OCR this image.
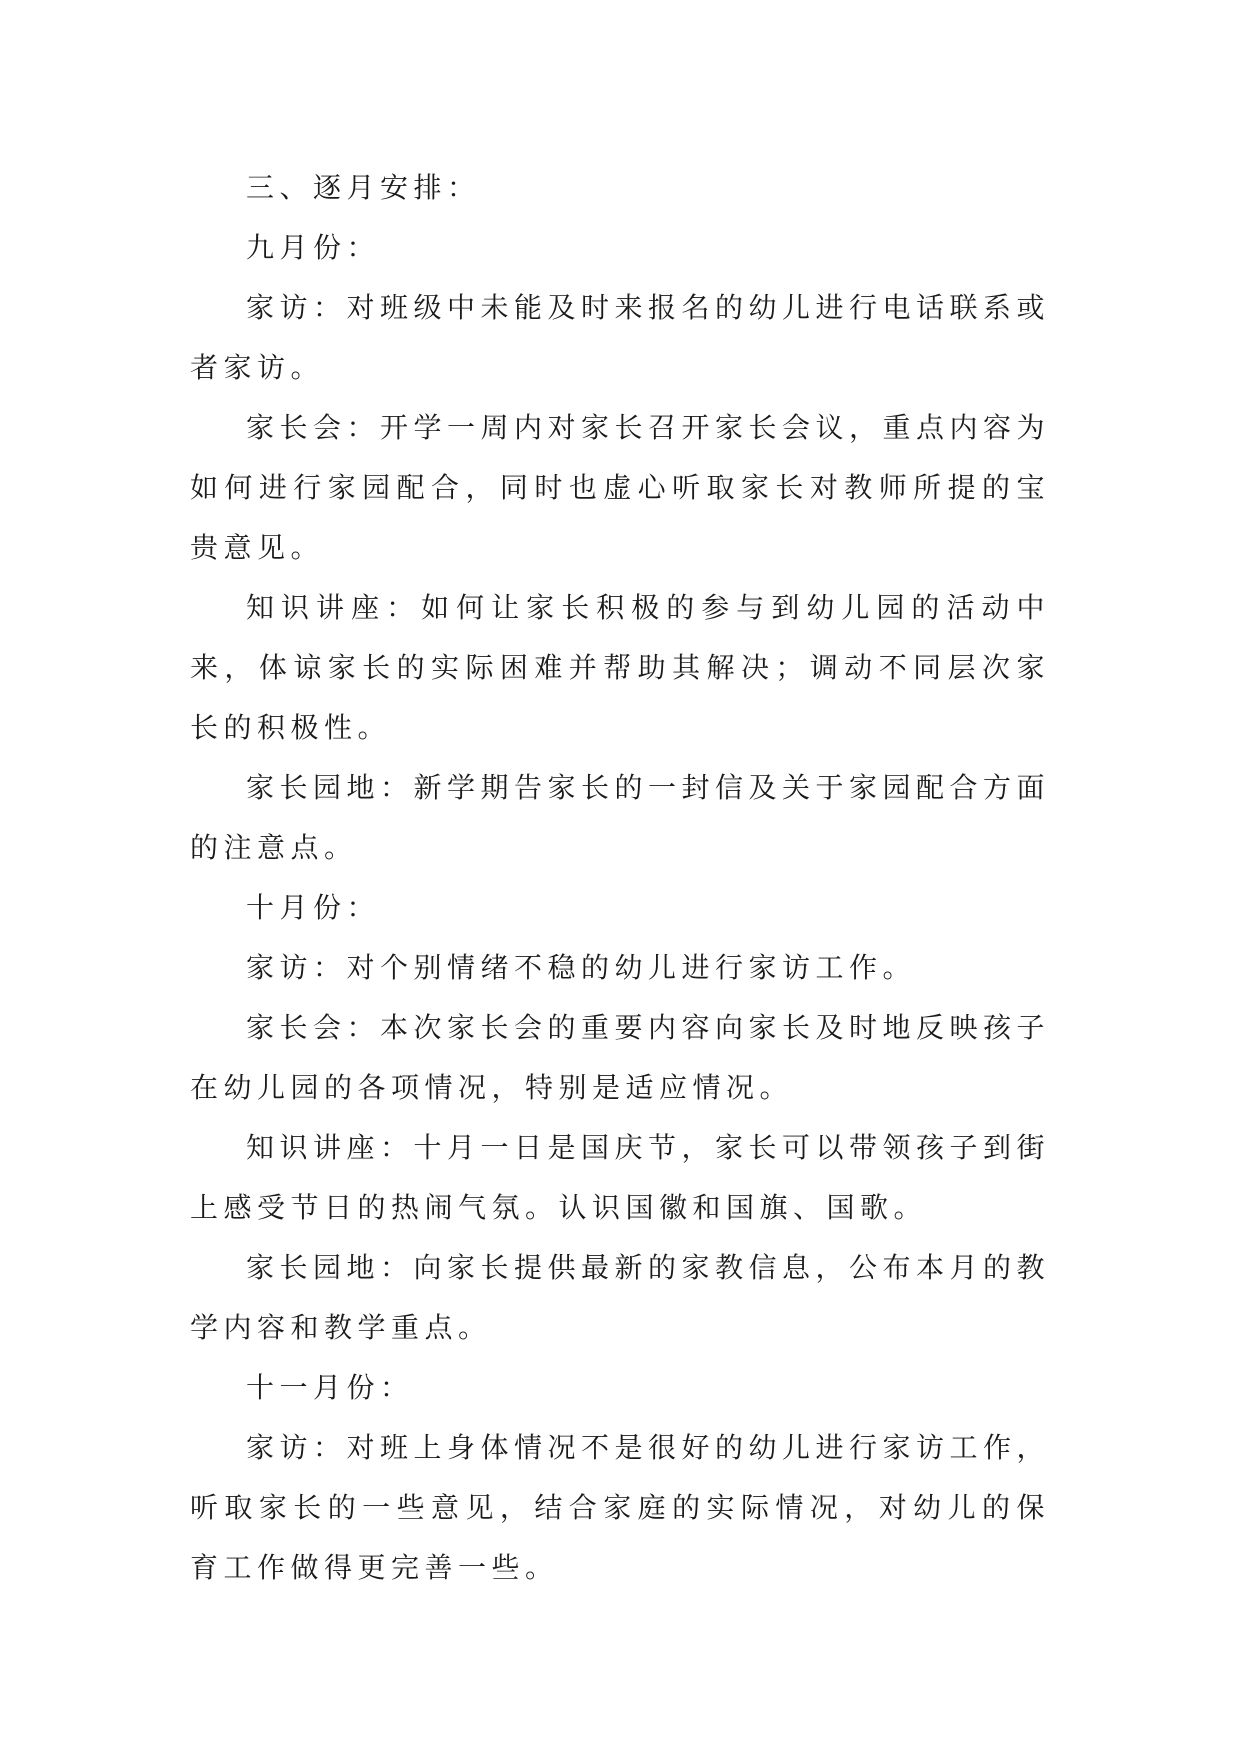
三、逐月安排：

九月份：

家访：对班级中未能及时来报名的幼儿进行电话联系或者家访。

家长会：开学一周内对家长召开家长会议，重点内容为如何进行家园配合，同时也虚心听取家长对教师所提的宝贵意见。

知识讲座：如何让家长积极的参与到幼儿园的活动中来，体谅家长的实际困难并帮助其解决；调动不同层次家长的积极性。

家长园地：新学期告家长的一封信及关于家园配合方面的注意点。

十月份：

家访：对个别情绪不稳的幼儿进行家访工作。

家长会：本次家长会的重要内容向家长及时地反映孩子在幼儿园的各项情况，特别是适应情况。

知识讲座：十月一日是国庆节，家长可以带领孩子到街上感受节日的热闹气氛。认识国徽和国旗、国歌。

家长园地：向家长提供最新的家教信息，公布本月的教学内容和教学重点。

十一月份：

家访：对班上身体情况不是很好的幼儿进行家访工作，听取家长的一些意见，结合家庭的实际情况，对幼儿的保育工作做得更完善一些。
